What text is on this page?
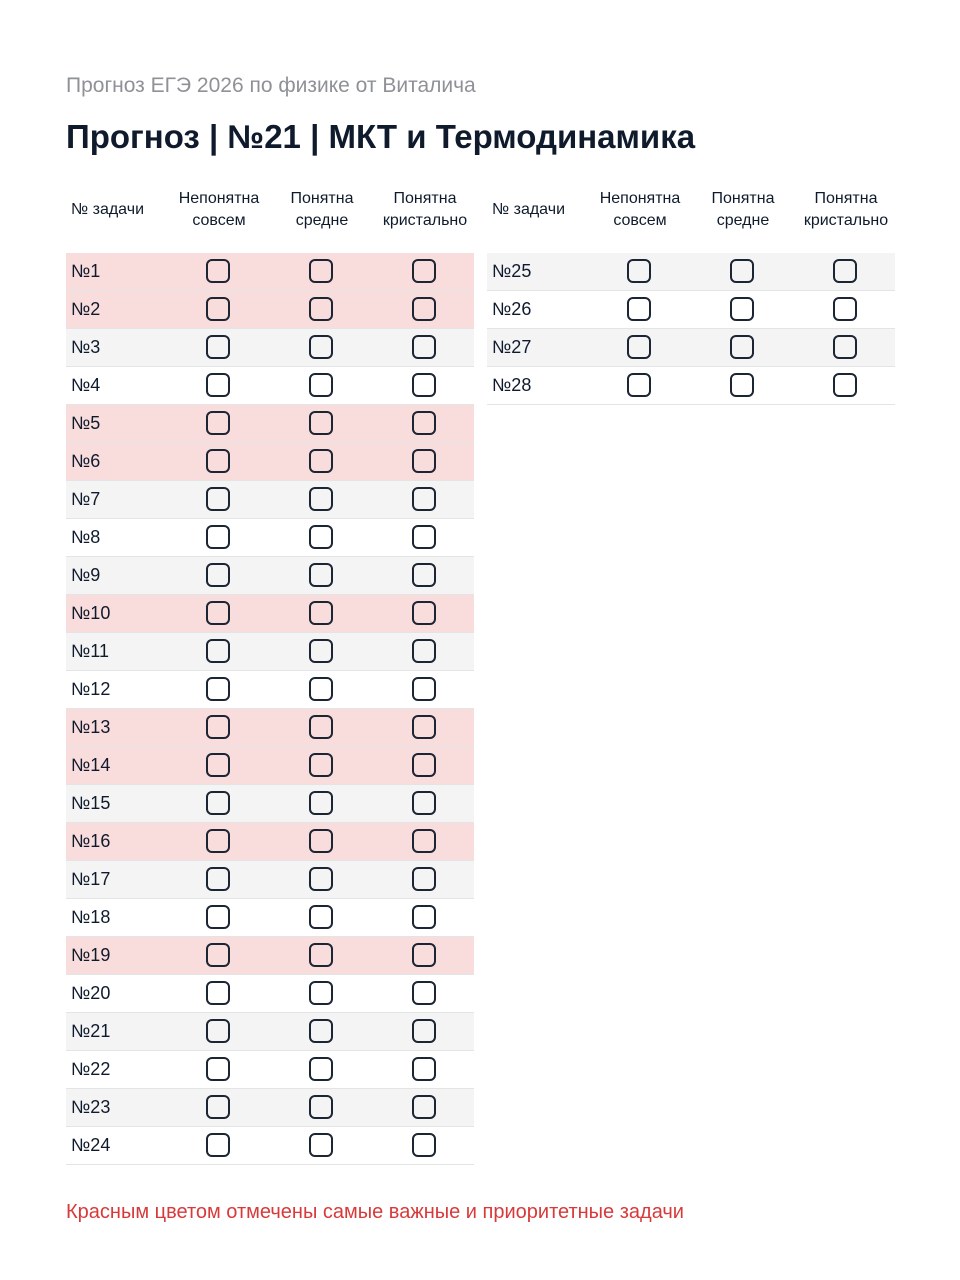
Прогноз ЕГЭ 2026 по физике от Виталича
Прогноз | №21 | МКТ и Термодинамика
№ задачи
Непонятна
совсем
Понятна
средне
Понятна
кристально
№1
№2
№3
№4
№5
№6
№7
№8
№9
№10
№11
№12
№13
№14
№15
№16
№17
№18
№19
№20
№21
№22
№23
№24
№ задачи
Непонятна
совсем
Понятна
средне
Понятна
кристально
№25
№26
№27
№28
Красным цветом отмечены самые важные и приоритетные задачи
